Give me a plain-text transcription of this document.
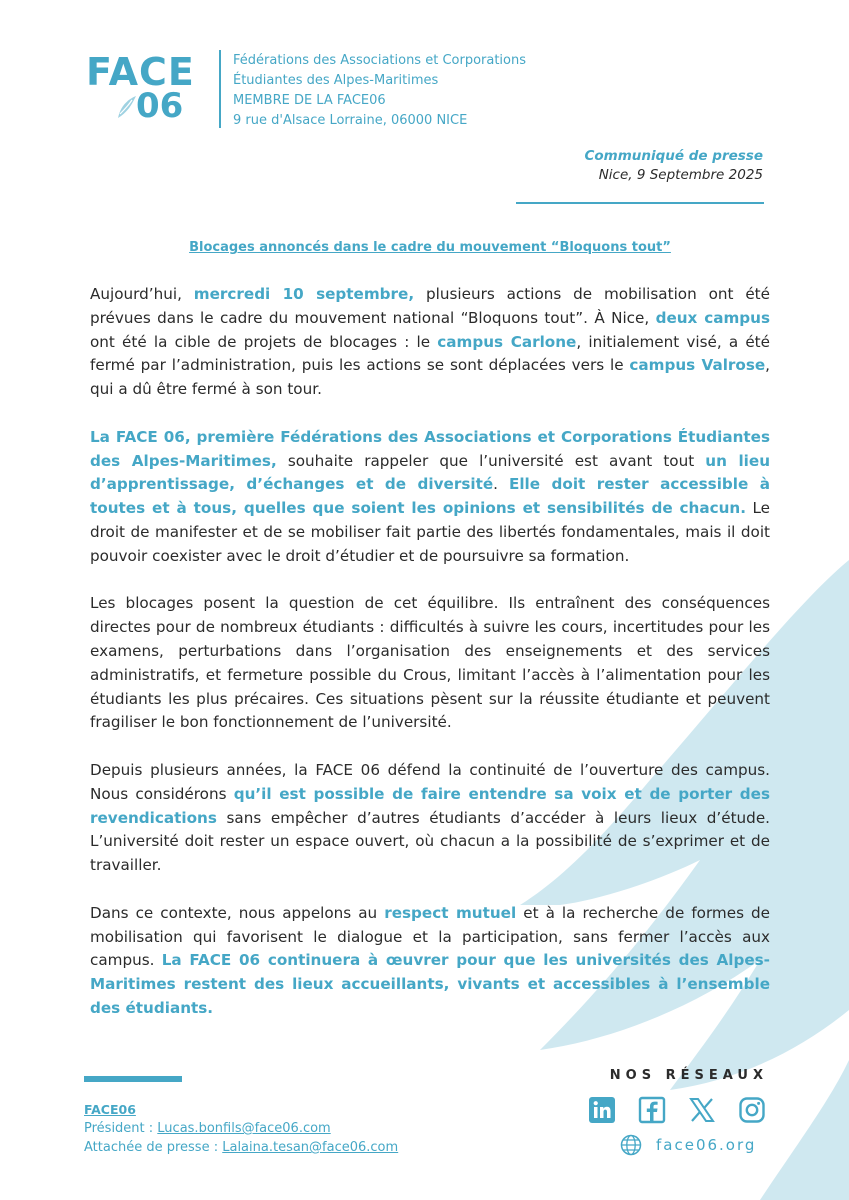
FACE
06
Fédérations des Associations et Corporations
Étudiantes des Alpes-Maritimes
MEMBRE DE LA FACE06
9 rue d'Alsace Lorraine, 06000 NICE
Communiqué de presse
Nice, 9 Septembre 2025
Blocages annoncés dans le cadre du mouvement “Bloquons tout”

Aujourd’hui, mercredi 10 septembre, plusieurs actions de mobilisation ont été prévues dans le cadre du mouvement national “Bloquons tout”. À Nice, deux campus ont été la cible de projets de blocages : le campus Carlone, initialement visé, a été fermé par l’administration, puis les actions se sont déplacées vers le campus Valrose, qui a dû être fermé à son tour.

La FACE 06, première Fédérations des Associations et Corporations Étudiantes des Alpes-Maritimes, souhaite rappeler que l’université est avant tout un lieu d’apprentissage, d’échanges et de diversité. Elle doit rester accessible à toutes et à tous, quelles que soient les opinions et sensibilités de chacun. Le droit de manifester et de se mobiliser fait partie des libertés fondamentales, mais il doit pouvoir coexister avec le droit d’étudier et de poursuivre sa formation.

Les blocages posent la question de cet équilibre. Ils entraînent des conséquences directes pour de nombreux étudiants : difficultés à suivre les cours, incertitudes pour les examens, perturbations dans l’organisation des enseignements et des services administratifs, et fermeture possible du Crous, limitant l’accès à l’alimentation pour les étudiants les plus précaires. Ces situations pèsent sur la réussite étudiante et peuvent fragiliser le bon fonctionnement de l’université.

Depuis plusieurs années, la FACE 06 défend la continuité de l’ouverture des campus. Nous considérons qu’il est possible de faire entendre sa voix et de porter des revendications sans empêcher d’autres étudiants d’accéder à leurs lieux d’étude. L’université doit rester un espace ouvert, où chacun a la possibilité de s’exprimer et de travailler.

Dans ce contexte, nous appelons au respect mutuel et à la recherche de formes de mobilisation qui favorisent le dialogue et la participation, sans fermer l’accès aux campus. La FACE 06 continuera à œuvrer pour que les universités des Alpes-Maritimes restent des lieux accueillants, vivants et accessibles à l’ensemble des étudiants.

FACE06
Président : Lucas.bonfils@face06.com
Attachée de presse : Lalaina.tesan@face06.com
NOS RÉSEAUX
face06.org
